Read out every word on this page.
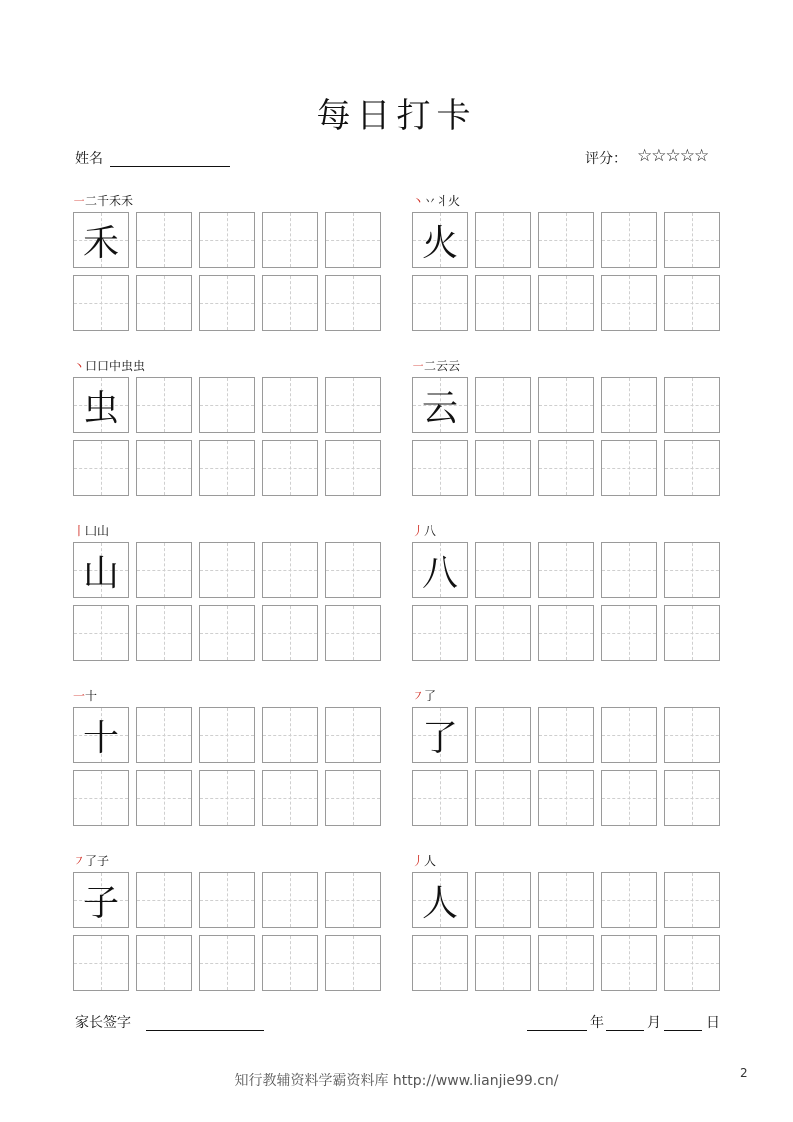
每日打卡
姓名	评分： ☆☆☆☆☆
㇐二千禾禾
禾
丶丷丬火
火
丶口口中虫虫
虫
㇐二云云
云
丨凵山
山
丿八
八
一十
十
㇇了
了
㇇了子
子
丿人
人
家长签字	年	月	日
知行教辅资料学霸资料库 http://www.lianjie99.cn/	2
